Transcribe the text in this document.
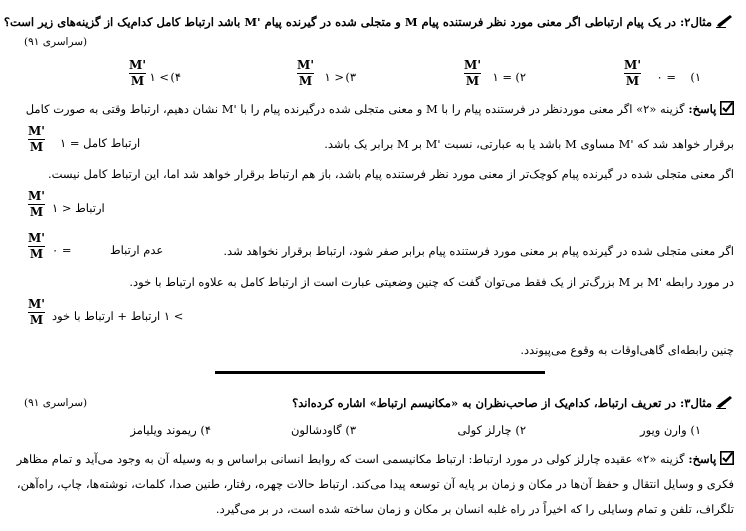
مثال۲: در یک پیام ارتباطی اگر معنی مورد نظر فرستنده پیام M و متجلی شده در گیرنده پیام 'M باشد ارتباط کامل کدام‌یک از گزینه‌های زیر است؟
(سراسری ۹۱)
۱)
M'
M = ۰
۲)
M'
M = ۱
۳)
M'
M < ۱
۴)
M'
M > ۱
پاسخ: گزینه «۲» اگر معنی موردنظر در فرستنده پیام را با M و معنی متجلی شده درگیرنده پیام را با 'M نشان دهیم، ارتباط وقتی به صورت کامل
برقرار خواهد شد که 'M مساوی M باشد یا به عبارتی، نسبت 'M بر M برابر یک باشد.
ارتباط کامل = ۱
M'
M
اگر معنی متجلی شده در گیرنده پیام کوچک‌تر از معنی مورد نظر فرستنده پیام باشد، باز هم ارتباط برقرار خواهد شد اما، این ارتباط کامل نیست.
M'
M	ارتباط < ۱
M'
M = ۰	عدم ارتباط	اگر معنی متجلی شده در گیرنده پیام بر معنی مورد فرستنده پیام برابر صفر شود، ارتباط برقرار نخواهد شد.
در مورد رابطه 'M بر M بزرگ‌تر از یک فقط می‌توان گفت که چنین وضعیتی عبارت است از ارتباط کامل به علاوه ارتباط با خود.
M'
M	> ۱ ارتباط + ارتباط با خود
چنین رابطه‌ای گاهی‌اوقات به وقوع می‌پیوندد.
مثال۳: در تعریف ارتباط، کدام‌یک از صاحب‌نظران به «مکانیسم ارتباط» اشاره کرده‌اند؟
(سراسری ۹۱)
۱) وارن ویور
۲) چارلز کولی
۳) گاودشالون
۴) ریموند ویلیامز
پاسخ: گزینه «۲» عقیده چارلز کولی در مورد ارتباط: ارتباط مکانیسمی است که روابط انسانی براساس و به وسیله آن به وجود می‌آید و تمام مظاهر
فکری و وسایل انتقال و حفظ آن‌ها در مکان و زمان بر پایه آن توسعه پیدا می‌کند. ارتباط حالات چهره، رفتار، طنین صدا، کلمات، نوشته‌ها، چاپ، راه‌آهن،
تلگراف، تلفن و تمام وسایلی را که اخیراً در راه غلبه انسان بر مکان و زمان ساخته شده است، در بر می‌گیرد.
